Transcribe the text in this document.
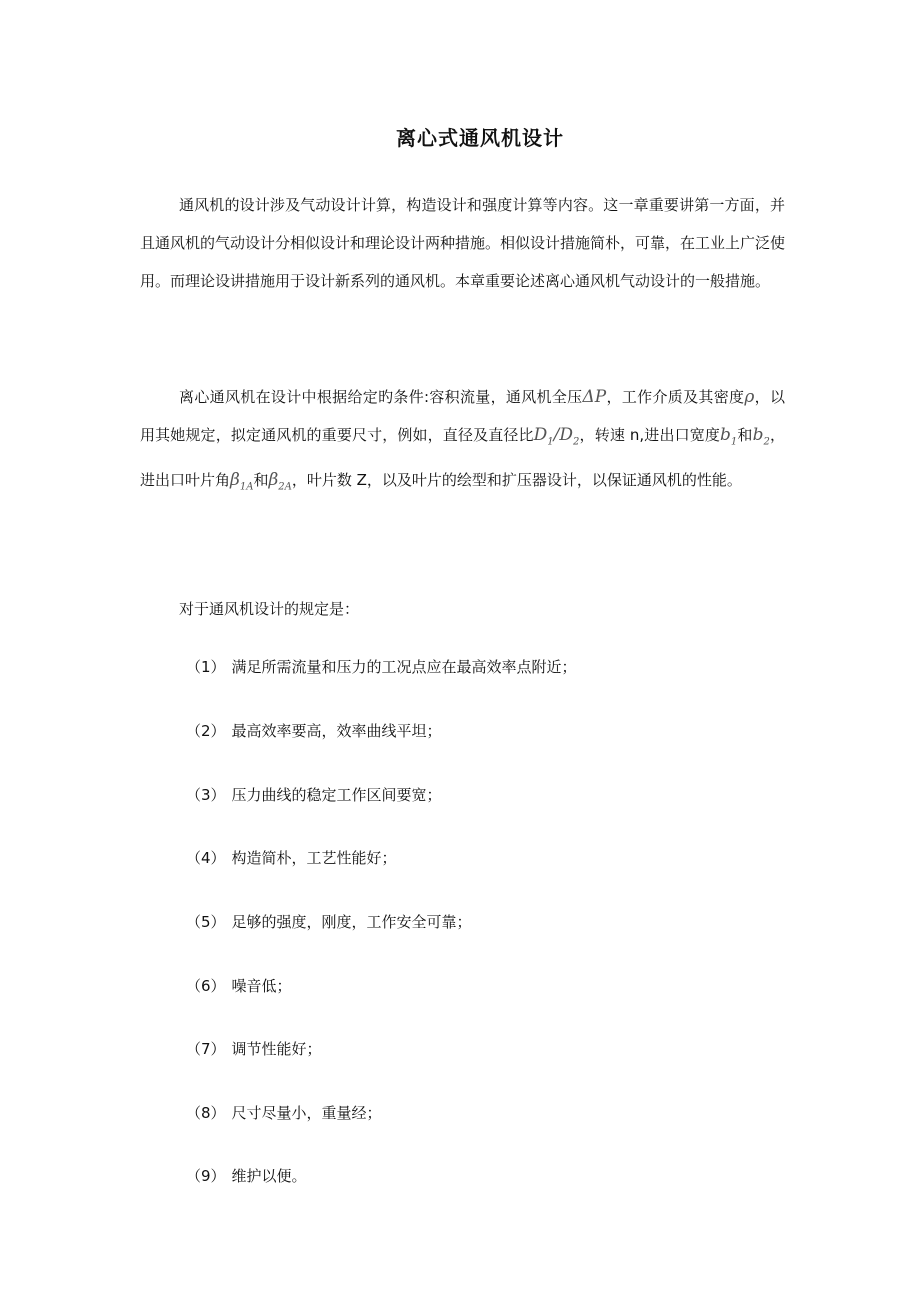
离心式通风机设计
通风机的设计涉及气动设计计算，构造设计和强度计算等内容。这一章重要讲第一方面，并且通风机的气动设计分相似设计和理论设计两种措施。相似设计措施简朴，可靠，在工业上广泛使用。而理论设讲措施用于设计新系列的通风机。本章重要论述离心通风机气动设计的一般措施。
离心通风机在设计中根据给定旳条件:容积流量，通风机全压ΔP，工作介质及其密度ρ，以用其她规定，拟定通风机的重要尺寸，例如，直径及直径比$D_1/D_2$，转速 n,进出口宽度$b_1$和$b_2$，进出口叶片角$\beta_{1A}$和$\beta_{2A}$，叶片数 Z，以及叶片的绘型和扩压器设计，以保证通风机的性能。
对于通风机设计的规定是：
（1） 满足所需流量和压力的工况点应在最高效率点附近；
（2） 最高效率要高，效率曲线平坦；
（3） 压力曲线的稳定工作区间要宽；
（4） 构造简朴，工艺性能好；
（5） 足够的强度，刚度，工作安全可靠；
（6） 噪音低；
（7） 调节性能好；
（8） 尺寸尽量小，重量经；
（9） 维护以便。
